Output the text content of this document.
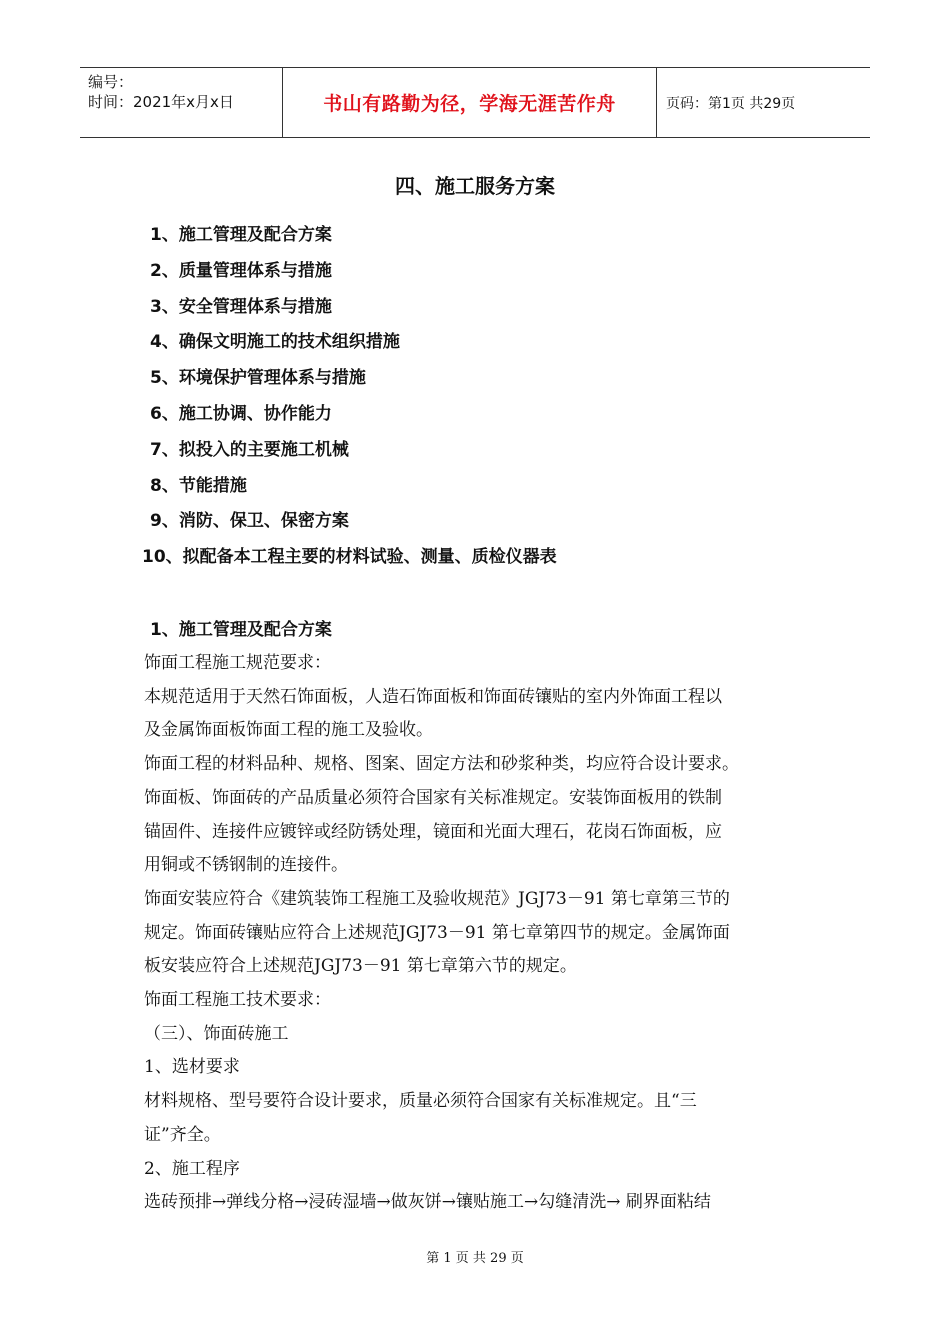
编号：
时间：2021年x月x日	书山有路勤为径，学海无涯苦作舟	页码：第1页 共29页
四、施工服务方案
1、施工管理及配合方案
2、质量管理体系与措施
3、安全管理体系与措施
4、确保文明施工的技术组织措施
5、环境保护管理体系与措施
6、施工协调、协作能力
7、拟投入的主要施工机械
8、节能措施
9、消防、保卫、保密方案
10、拟配备本工程主要的材料试验、测量、质检仪器表
1、施工管理及配合方案

饰面工程施工规范要求：

本规范适用于天然石饰面板，人造石饰面板和饰面砖镶贴的室内外饰面工程以

及金属饰面板饰面工程的施工及验收。

饰面工程的材料品种、规格、图案、固定方法和砂浆种类，均应符合设计要求。

饰面板、饰面砖的产品质量必须符合国家有关标准规定。安装饰面板用的铁制

锚固件、连接件应镀锌或经防锈处理，镜面和光面大理石，花岗石饰面板，应

用铜或不锈钢制的连接件。

饰面安装应符合《建筑装饰工程施工及验收规范》JGJ73－91 第七章第三节的

规定。饰面砖镶贴应符合上述规范JGJ73－91 第七章第四节的规定。金属饰面

板安装应符合上述规范JGJ73－91 第七章第六节的规定。

饰面工程施工技术要求：

（三）、饰面砖施工

1、选材要求

材料规格、型号要符合设计要求，质量必须符合国家有关标准规定。且“三

证”齐全。

2、施工程序

选砖预排→弹线分格→浸砖湿墙→做灰饼→镶贴施工→勾缝清洗→ 刷界面粘结

第 1 页 共 29 页
